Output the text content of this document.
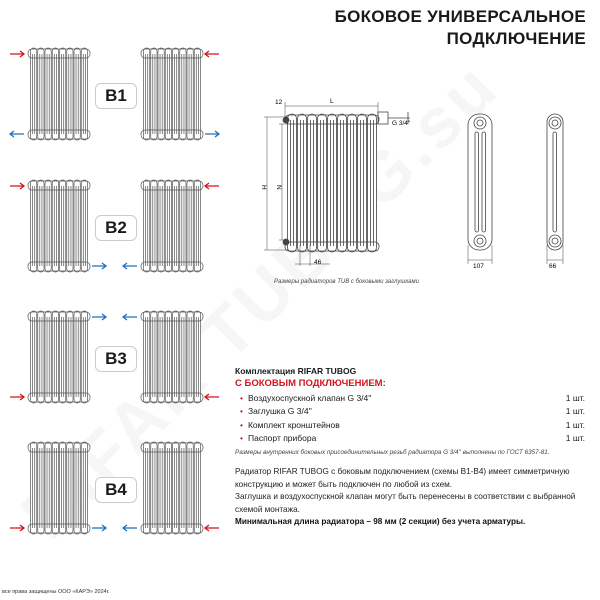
БОКОВОЕ УНИВЕРСАЛЬНОЕ
ПОДКЛЮЧЕНИЕ
B1
B2
B3
B4
L
12
G 3/4''
H N
46
107	66
Размеры радиаторов TUB с боковыми заглушками
Комплектация RIFAR TUBOG
С БОКОВЫМ ПОДКЛЮЧЕНИЕМ:
• Воздухоспускной клапан G 3/4''	1 шт.
• Заглушка G 3/4''	1 шт.
• Комплект кронштейнов	1 шт.
• Паспорт прибора	1 шт.
Размеры внутренних боковых присоединительных резьб радиатора G 3/4'' выполнены по ГОСТ 6357-81.
Радиатор RIFAR TUBOG с боковым подключением (схемы B1-B4) имеет симметричную конструкцию и может быть подключен по любой из схем.
Заглушка и воздухоспускной клапан могут быть перенесены в соответствии с выбранной схемой монтажа.
Минимальная длина радиатора – 98 мм (2 секции) без учета арматуры.
все права защищены ООО «КАРЭ» 2024г.
